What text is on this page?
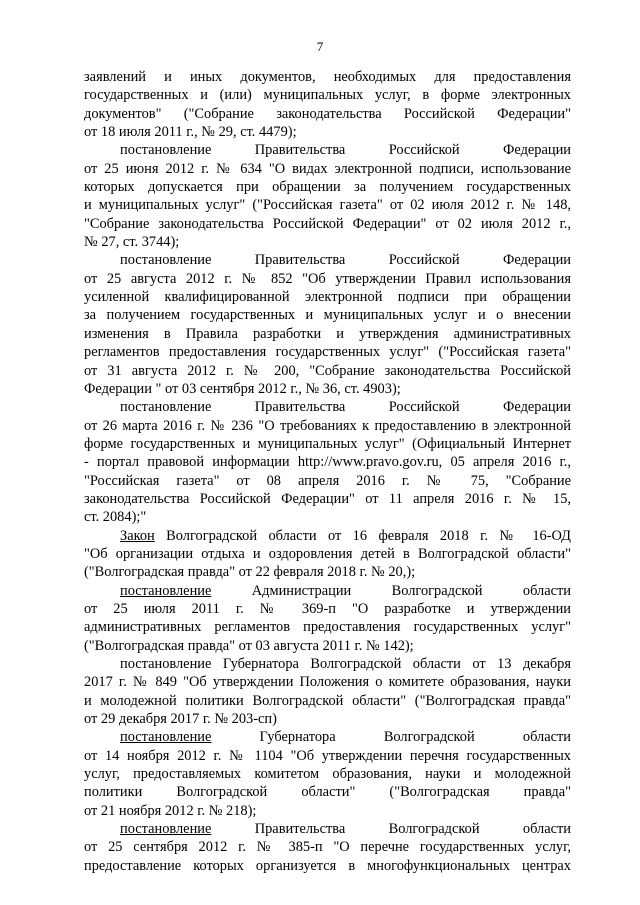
7
заявлений и иных документов, необходимых для предоставления
государственных и (или) муниципальных услуг, в форме электронных
документов" ("Собрание законодательства Российской Федерации"
от 18 июля 2011 г., № 29, ст. 4479);
постановление Правительства Российской Федерации
от 25 июня 2012 г. № 634 "О видах электронной подписи, использование
которых допускается при обращении за получением государственных
и муниципальных услуг" ("Российская газета" от 02 июля 2012 г. № 148,
"Собрание законодательства Российской Федерации" от 02 июля 2012 г.,
№ 27, ст. 3744);
постановление Правительства Российской Федерации
от 25 августа 2012 г. № 852 "Об утверждении Правил использования
усиленной квалифицированной электронной подписи при обращении
за получением государственных и муниципальных услуг и о внесении
изменения в Правила разработки и утверждения административных
регламентов предоставления государственных услуг" ("Российская газета"
от 31 августа 2012 г. № 200, "Собрание законодательства Российской
Федерации " от 03 сентября 2012 г., № 36, ст. 4903);
постановление Правительства Российской Федерации
от 26 марта 2016 г. № 236 "О требованиях к предоставлению в электронной
форме государственных и муниципальных услуг" (Официальный Интернет
- портал правовой информации http://www.pravo.gov.ru, 05 апреля 2016 г.,
"Российская газета" от 08 апреля 2016 г. № 75, "Собрание
законодательства Российской Федерации" от 11 апреля 2016 г. № 15,
ст. 2084);"
Закон Волгоградской области от 16 февраля 2018 г. № 16-ОД
"Об организации отдыха и оздоровления детей в Волгоградской области"
("Волгоградская правда" от 22 февраля 2018 г. № 20,);
постановление Администрации Волгоградской области
от 25 июля 2011 г. № 369-п "О разработке и утверждении
административных регламентов предоставления государственных услуг"
("Волгоградская правда" от 03 августа 2011 г. № 142);
постановление Губернатора Волгоградской области от 13 декабря
2017 г. № 849 "Об утверждении Положения о комитете образования, науки
и молодежной политики Волгоградской области" ("Волгоградская правда"
от 29 декабря 2017 г. № 203-сп)
постановление Губернатора Волгоградской области
от 14 ноября 2012 г. № 1104 "Об утверждении перечня государственных
услуг, предоставляемых комитетом образования, науки и молодежной
политики Волгоградской области" ("Волгоградская правда"
от 21 ноября 2012 г. № 218);
постановление Правительства Волгоградской области
от 25 сентября 2012 г. № 385-п "О перечне государственных услуг,
предоставление которых организуется в многофункциональных центрах
